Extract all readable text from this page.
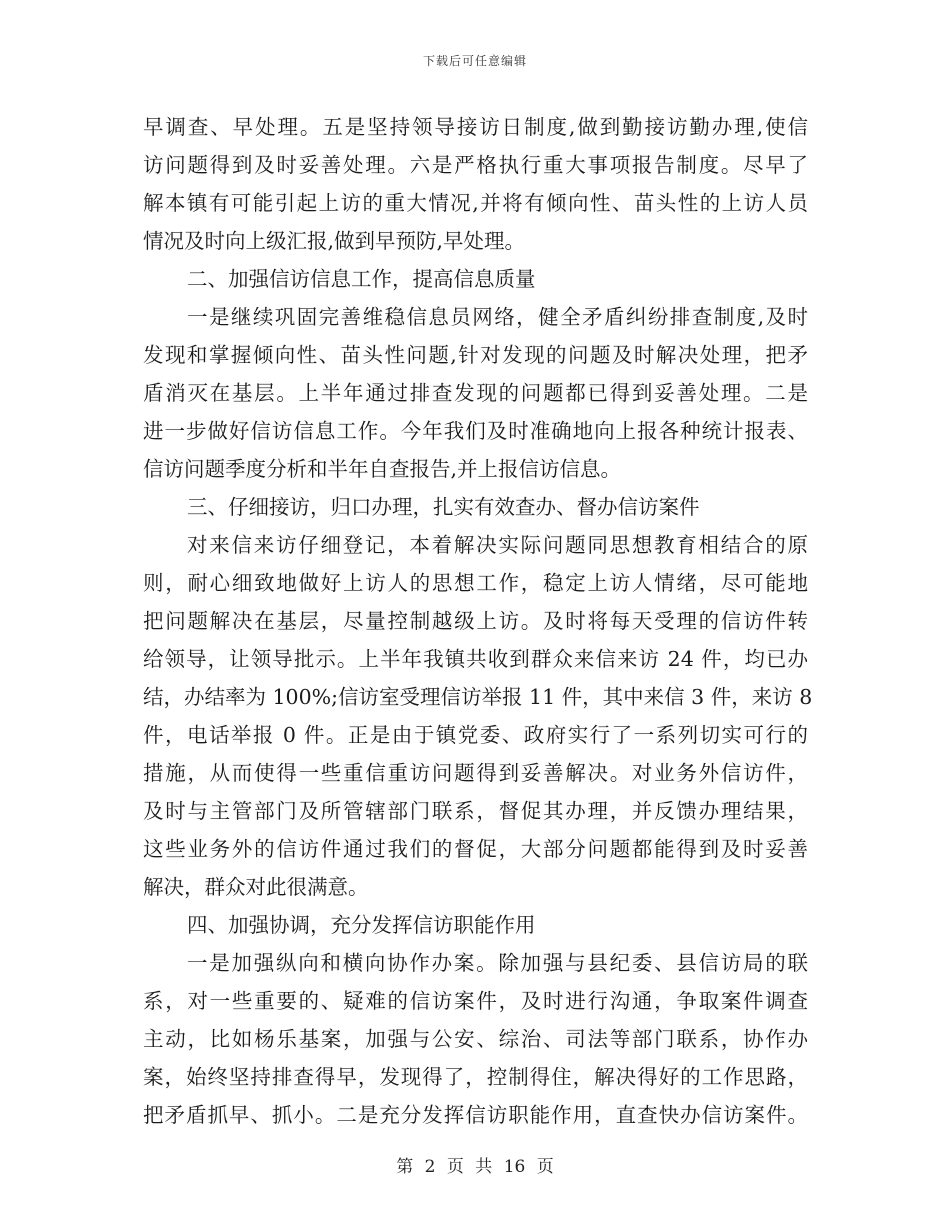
下载后可任意编辑
早调查、早处理。五是坚持领导接访日制度,做到勤接访勤办理,使信
访问题得到及时妥善处理。六是严格执行重大事项报告制度。尽早了
解本镇有可能引起上访的重大情况,并将有倾向性、苗头性的上访人员
情况及时向上级汇报,做到早预防,早处理。
二、加强信访信息工作，提高信息质量
一是继续巩固完善维稳信息员网络，健全矛盾纠纷排查制度,及时
发现和掌握倾向性、苗头性问题,针对发现的问题及时解决处理，把矛
盾消灭在基层。上半年通过排查发现的问题都已得到妥善处理。二是
进一步做好信访信息工作。今年我们及时准确地向上报各种统计报表、
信访问题季度分析和半年自查报告,并上报信访信息。
三、仔细接访，归口办理，扎实有效查办、督办信访案件
对来信来访仔细登记，本着解决实际问题同思想教育相结合的原
则，耐心细致地做好上访人的思想工作，稳定上访人情绪，尽可能地
把问题解决在基层，尽量控制越级上访。及时将每天受理的信访件转
给领导，让领导批示。上半年我镇共收到群众来信来访 24 件，均已办
结，办结率为 100%;信访室受理信访举报 11 件，其中来信 3 件，来访 8
件，电话举报 0 件。正是由于镇党委、政府实行了一系列切实可行的
措施，从而使得一些重信重访问题得到妥善解决。对业务外信访件，
及时与主管部门及所管辖部门联系，督促其办理，并反馈办理结果，
这些业务外的信访件通过我们的督促，大部分问题都能得到及时妥善
解决，群众对此很满意。
四、加强协调，充分发挥信访职能作用
一是加强纵向和横向协作办案。除加强与县纪委、县信访局的联
系，对一些重要的、疑难的信访案件，及时进行沟通，争取案件调查
主动，比如杨乐基案，加强与公安、综治、司法等部门联系，协作办
案，始终坚持排查得早，发现得了，控制得住，解决得好的工作思路，
把矛盾抓早、抓小。二是充分发挥信访职能作用，直查快办信访案件。
第 2 页 共 16 页
